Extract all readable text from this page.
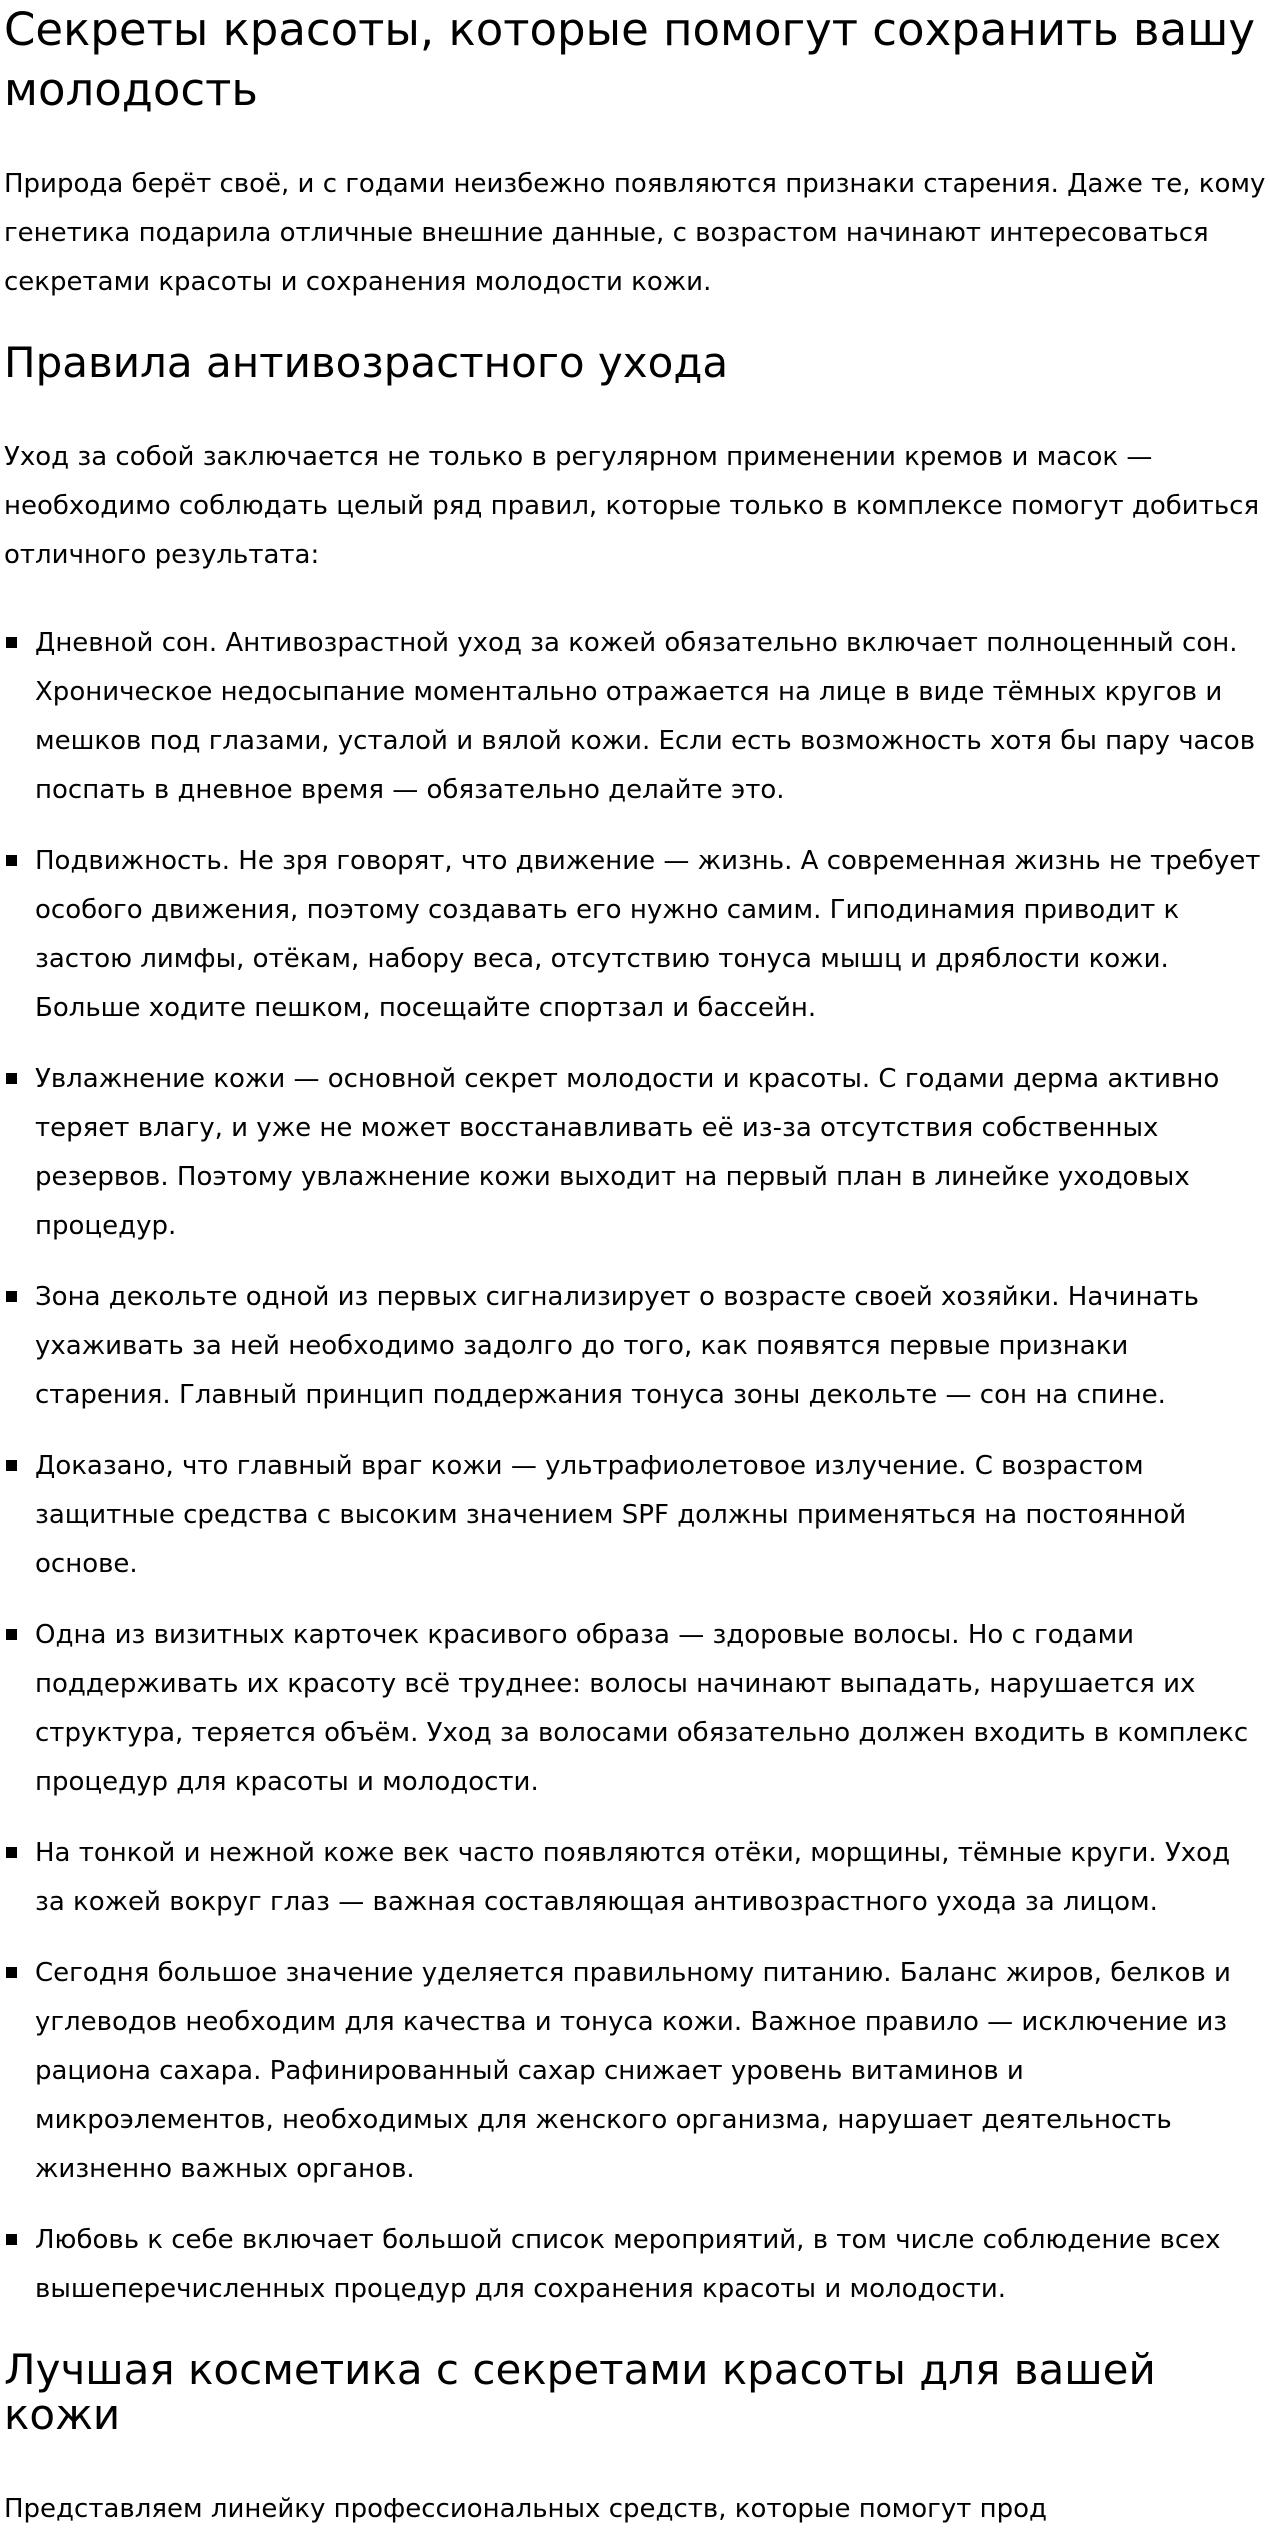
Секреты красоты, которые помогут сохранить вашу молодость

Природа берёт своё, и с годами неизбежно появляются признаки старения. Даже те, кому генетика подарила отличные внешние данные, с возрастом начинают интересоваться секретами красоты и сохранения молодости кожи.

Правила антивозрастного ухода

Уход за собой заключается не только в регулярном применении кремов и масок — необходимо соблюдать целый ряд правил, которые только в комплексе помогут добиться отличного результата:

Дневной сон. Антивозрастной уход за кожей обязательно включает полноценный сон. Хроническое недосыпание моментально отражается на лице в виде тёмных кругов и мешков под глазами, усталой и вялой кожи. Если есть возможность хотя бы пару часов поспать в дневное время — обязательно делайте это.
Подвижность. Не зря говорят, что движение — жизнь. А современная жизнь не требует особого движения, поэтому создавать его нужно самим. Гиподинамия приводит к застою лимфы, отёкам, набору веса, отсутствию тонуса мышц и дряблости кожи. Больше ходите пешком, посещайте спортзал и бассейн.
Увлажнение кожи — основной секрет молодости и красоты. С годами дерма активно теряет влагу, и уже не может восстанавливать её из-за отсутствия собственных резервов. Поэтому увлажнение кожи выходит на первый план в линейке уходовых процедур.
Зона декольте одной из первых сигнализирует о возрасте своей хозяйки. Начинать ухаживать за ней необходимо задолго до того, как появятся первые признаки старения. Главный принцип поддержания тонуса зоны декольте — сон на спине.
Доказано, что главный враг кожи — ультрафиолетовое излучение. С возрастом защитные средства с высоким значением SPF должны применяться на постоянной основе.
Одна из визитных карточек красивого образа — здоровые волосы. Но с годами поддерживать их красоту всё труднее: волосы начинают выпадать, нарушается их структура, теряется объём. Уход за волосами обязательно должен входить в комплекс процедур для красоты и молодости.
На тонкой и нежной коже век часто появляются отёки, морщины, тёмные круги. Уход за кожей вокруг глаз — важная составляющая антивозрастного ухода за лицом.
Сегодня большое значение уделяется правильному питанию. Баланс жиров, белков и углеводов необходим для качества и тонуса кожи. Важное правило — исключение из рациона сахара. Рафинированный сахар снижает уровень витаминов и микроэлементов, необходимых для женского организма, нарушает деятельность жизненно важных органов.
Любовь к себе включает большой список мероприятий, в том числе соблюдение всех вышеперечисленных процедур для сохранения красоты и молодости.
Лучшая косметика с секретами красоты для вашей кожи

Представляем линейку профессиональных средств, которые помогут прод
